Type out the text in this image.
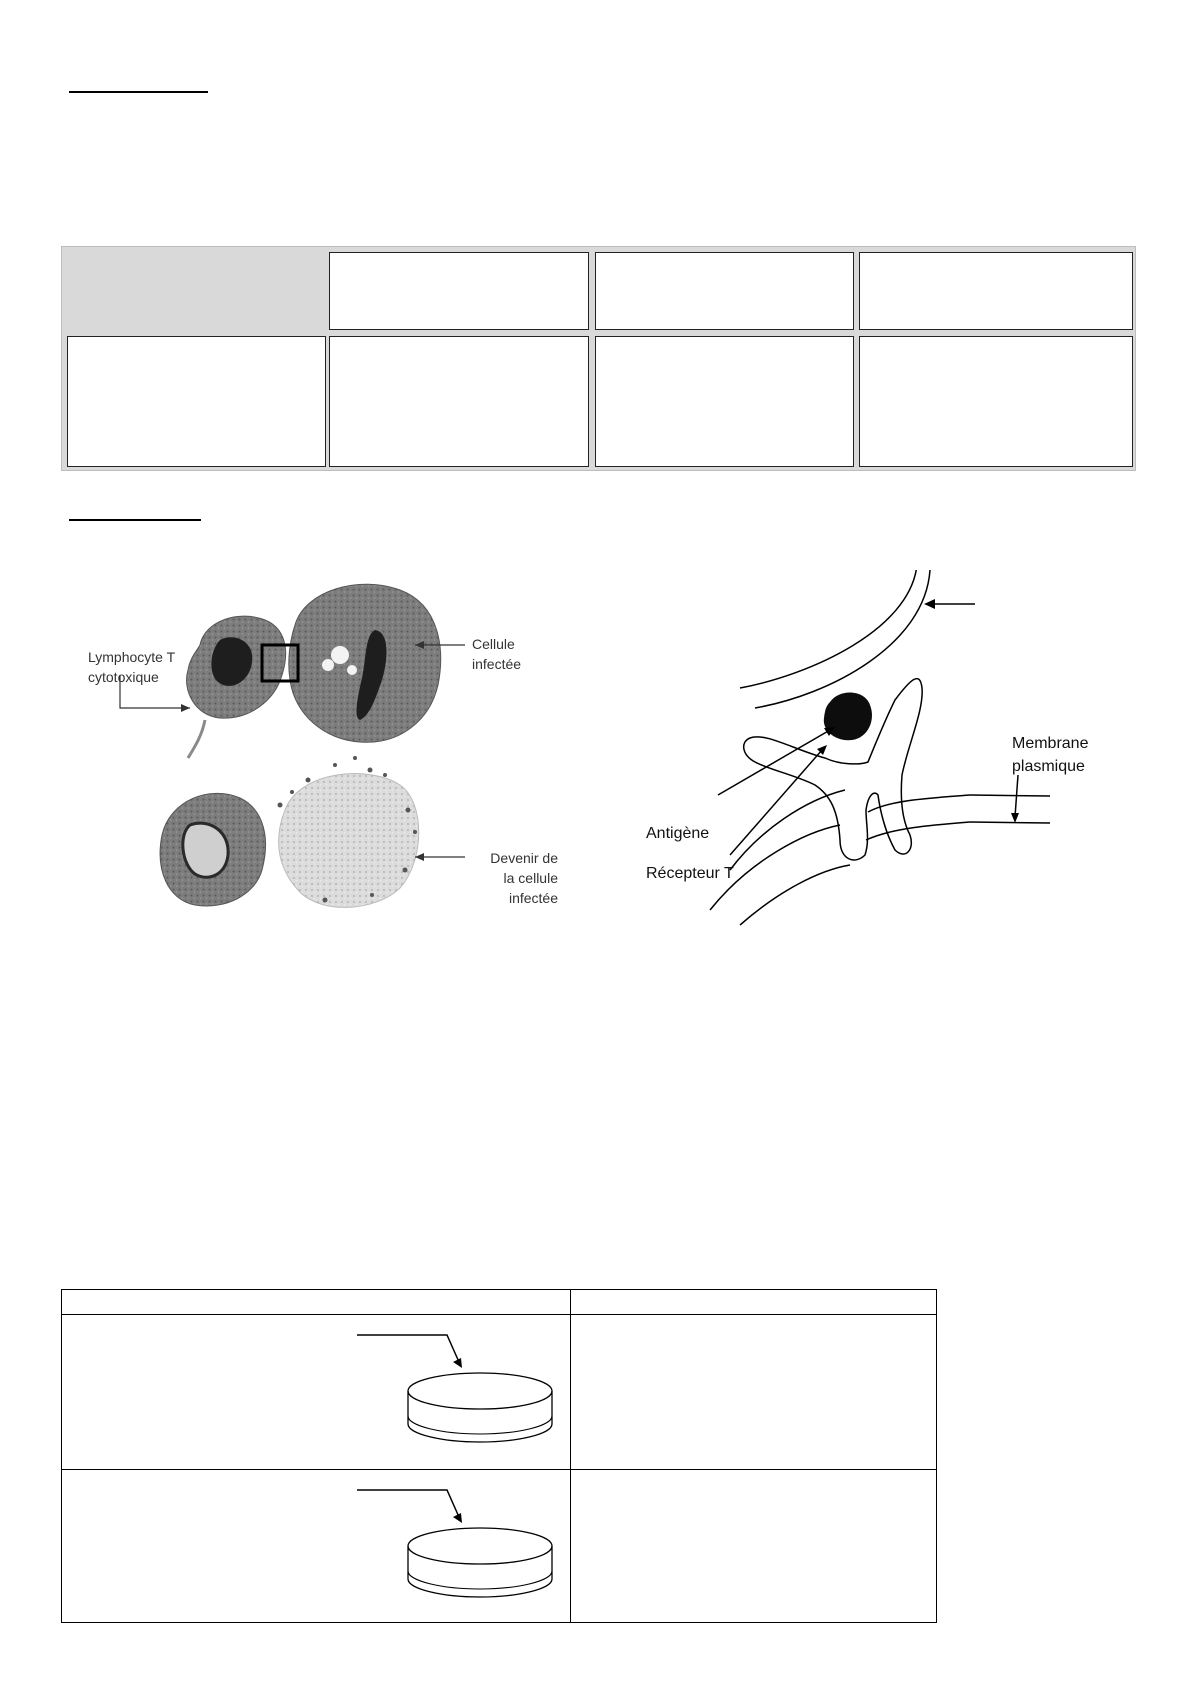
Lymphocyte T
cytotoxique
Cellule
infectée
Devenir de
la cellule
infectée
Membrane
plasmique
Antigène
Récepteur T
